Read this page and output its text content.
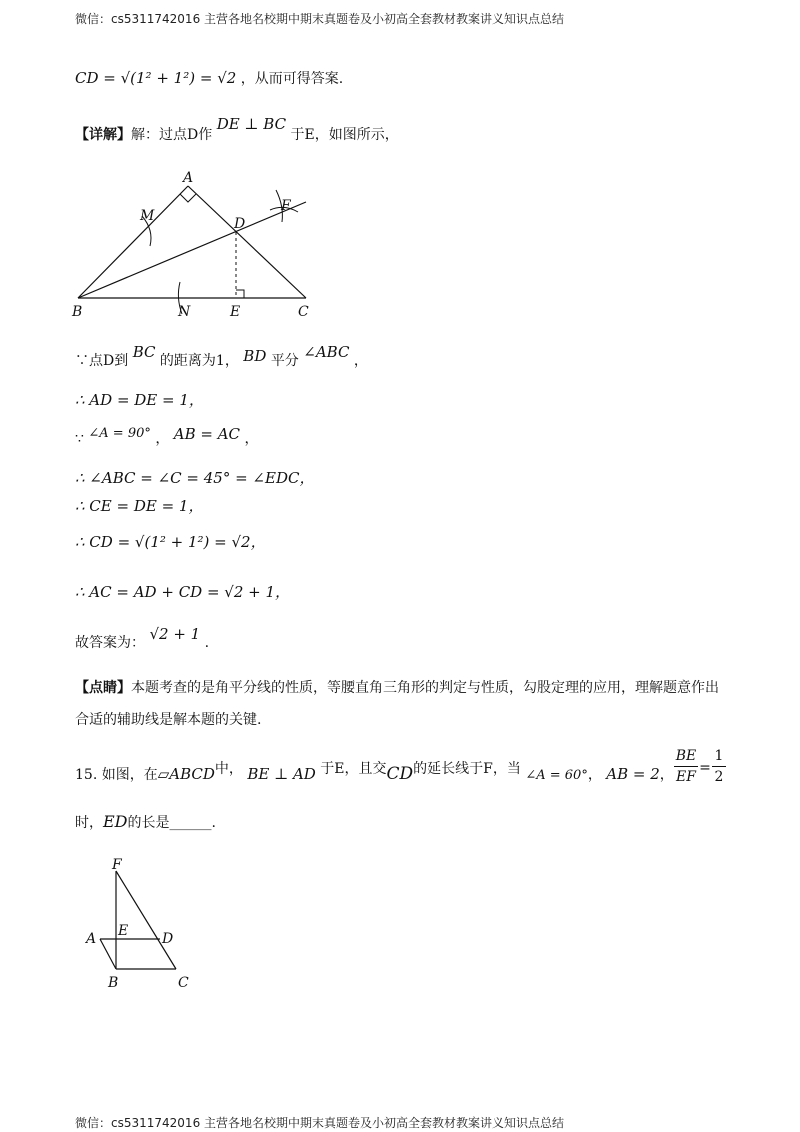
微信：cs5311742016 主营各地名校期中期末真题卷及小初高全套教材教案讲义知识点总结
CD = √(1² + 1²) = √2 ，从而可得答案.
【详解】解：过点D作 DE ⊥ BC 于E，如图所示，
A
B	C
D
E
F
M
N
∵点D到 BC 的距离为1， BD 平分 ∠ABC ，
∴ AD = DE = 1，
∵ ∠A = 90° ， AB = AC ，
∴ ∠ABC = ∠C = 45° = ∠EDC，
∴ CE = DE = 1，
∴ CD = √(1² + 1²) = √2，
∴ AC = AD + CD = √2 + 1，
故答案为： √2 + 1 .
【点睛】本题考查的是角平分线的性质，等腰直角三角形的判定与性质，勾股定理的应用，理解题意作出
合适的辅助线是解本题的关键.
15. 如图，在▱ABCD中， BE ⊥ AD 于E，且交CD的延长线于F，当 ∠A = 60°， AB = 2，
BE
EF
=
1
2
时，ED的长是______.
F
A E D
B	C
微信：cs5311742016 主营各地名校期中期末真题卷及小初高全套教材教案讲义知识点总结
